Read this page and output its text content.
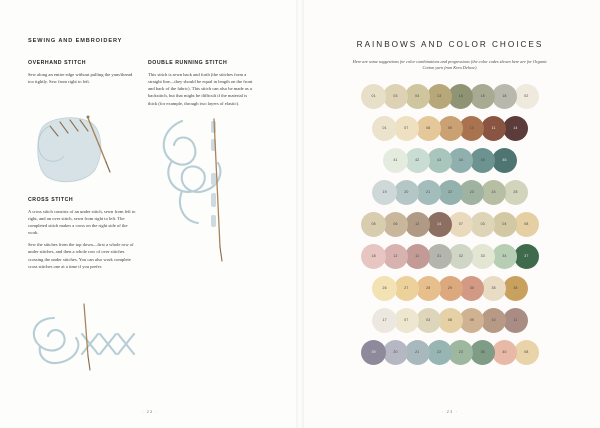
SEWING AND EMBROIDERY
OVERHAND STITCH

Sew along an entire edge without pulling the yarn/thread too tightly. Sew from right to left.

DOUBLE RUNNING STITCH

This stitch is sewn back and forth (the stitches form a straight line—they should be equal in length on the front and back of the fabric). This stitch can also be made as a backstitch, but that might be difficult if the material is thick (for example, through two layers of elastic).

CROSS STITCH

A cross stitch consists of an under stitch, sewn from left to right, and an over stitch, sewn from right to left. The completed stitch makes a cross on the right side of the work.

Sew the stitches from the top down—first a whole row of under stitches, and then a whole row of over stitches crossing the under stitches. You can also work complete cross stitches one at a time if you prefer.

· 22 ·
RAINBOWS AND COLOR CHOICES
Here are some suggestions for color combinations and progressions (the color codes shown here are for Organic Cotton yarn from Krea Deluxe).
01	03	04	13	16	15	18	02
01	07	08	09	10	11	14
41	42	43	44	45	46
19	20	21	22	23	24	25
05	06	12	14	07	03	04	08
18	12	11	31	32	33	34	37
26	27	28	29	30	35	38
17	07	03	08	09	10	11
39	20	21	22	23	36	40	08
· 23 ·
